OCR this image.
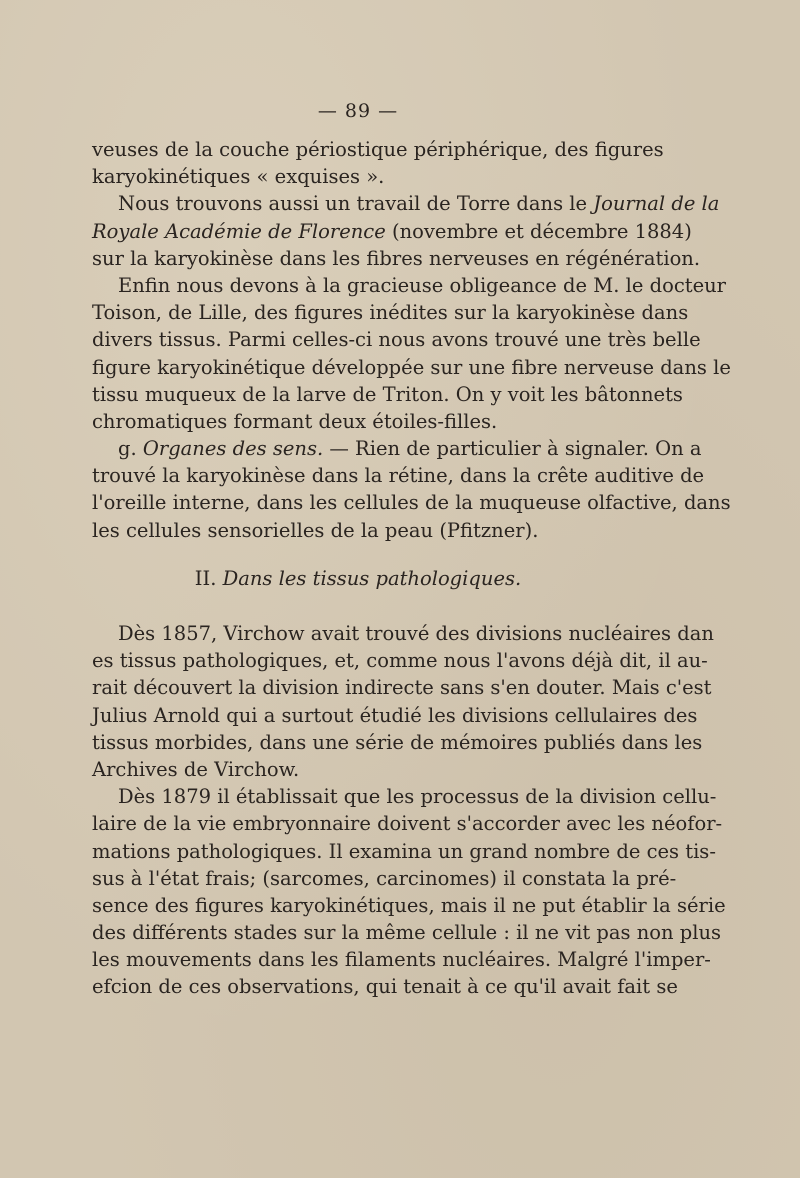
— 89 —
veuses de la couche périostique périphérique, des figures
karyokinétiques « exquises ».
Nous trouvons aussi un travail de Torre dans le Journal de la
Royale Académie de Florence (novembre et décembre 1884)
sur la karyokinèse dans les fibres nerveuses en régénération.
Enfin nous devons à la gracieuse obligeance de M. le docteur
Toison, de Lille, des figures inédites sur la karyokinèse dans
divers tissus. Parmi celles-ci nous avons trouvé une très belle
figure karyokinétique développée sur une fibre nerveuse dans le
tissu muqueux de la larve de Triton. On y voit les bâtonnets
chromatiques formant deux étoiles-filles.
g. Organes des sens. — Rien de particulier à signaler. On a
trouvé la karyokinèse dans la rétine, dans la crête auditive de
l'oreille interne, dans les cellules de la muqueuse olfactive, dans
les cellules sensorielles de la peau (Pfitzner).
II. Dans les tissus pathologiques.
Dès 1857, Virchow avait trouvé des divisions nucléaires dan
es tissus pathologiques, et, comme nous l'avons déjà dit, il au-
rait découvert la division indirecte sans s'en douter. Mais c'est
Julius Arnold qui a surtout étudié les divisions cellulaires des
tissus morbides, dans une série de mémoires publiés dans les
Archives de Virchow.
Dès 1879 il établissait que les processus de la division cellu-
laire de la vie embryonnaire doivent s'accorder avec les néofor-
mations pathologiques. Il examina un grand nombre de ces tis-
sus à l'état frais; (sarcomes, carcinomes) il constata la pré-
sence des figures karyokinétiques, mais il ne put établir la série
des différents stades sur la même cellule : il ne vit pas non plus
les mouvements dans les filaments nucléaires. Malgré l'imper-
efcion de ces observations, qui tenait à ce qu'il avait fait se
